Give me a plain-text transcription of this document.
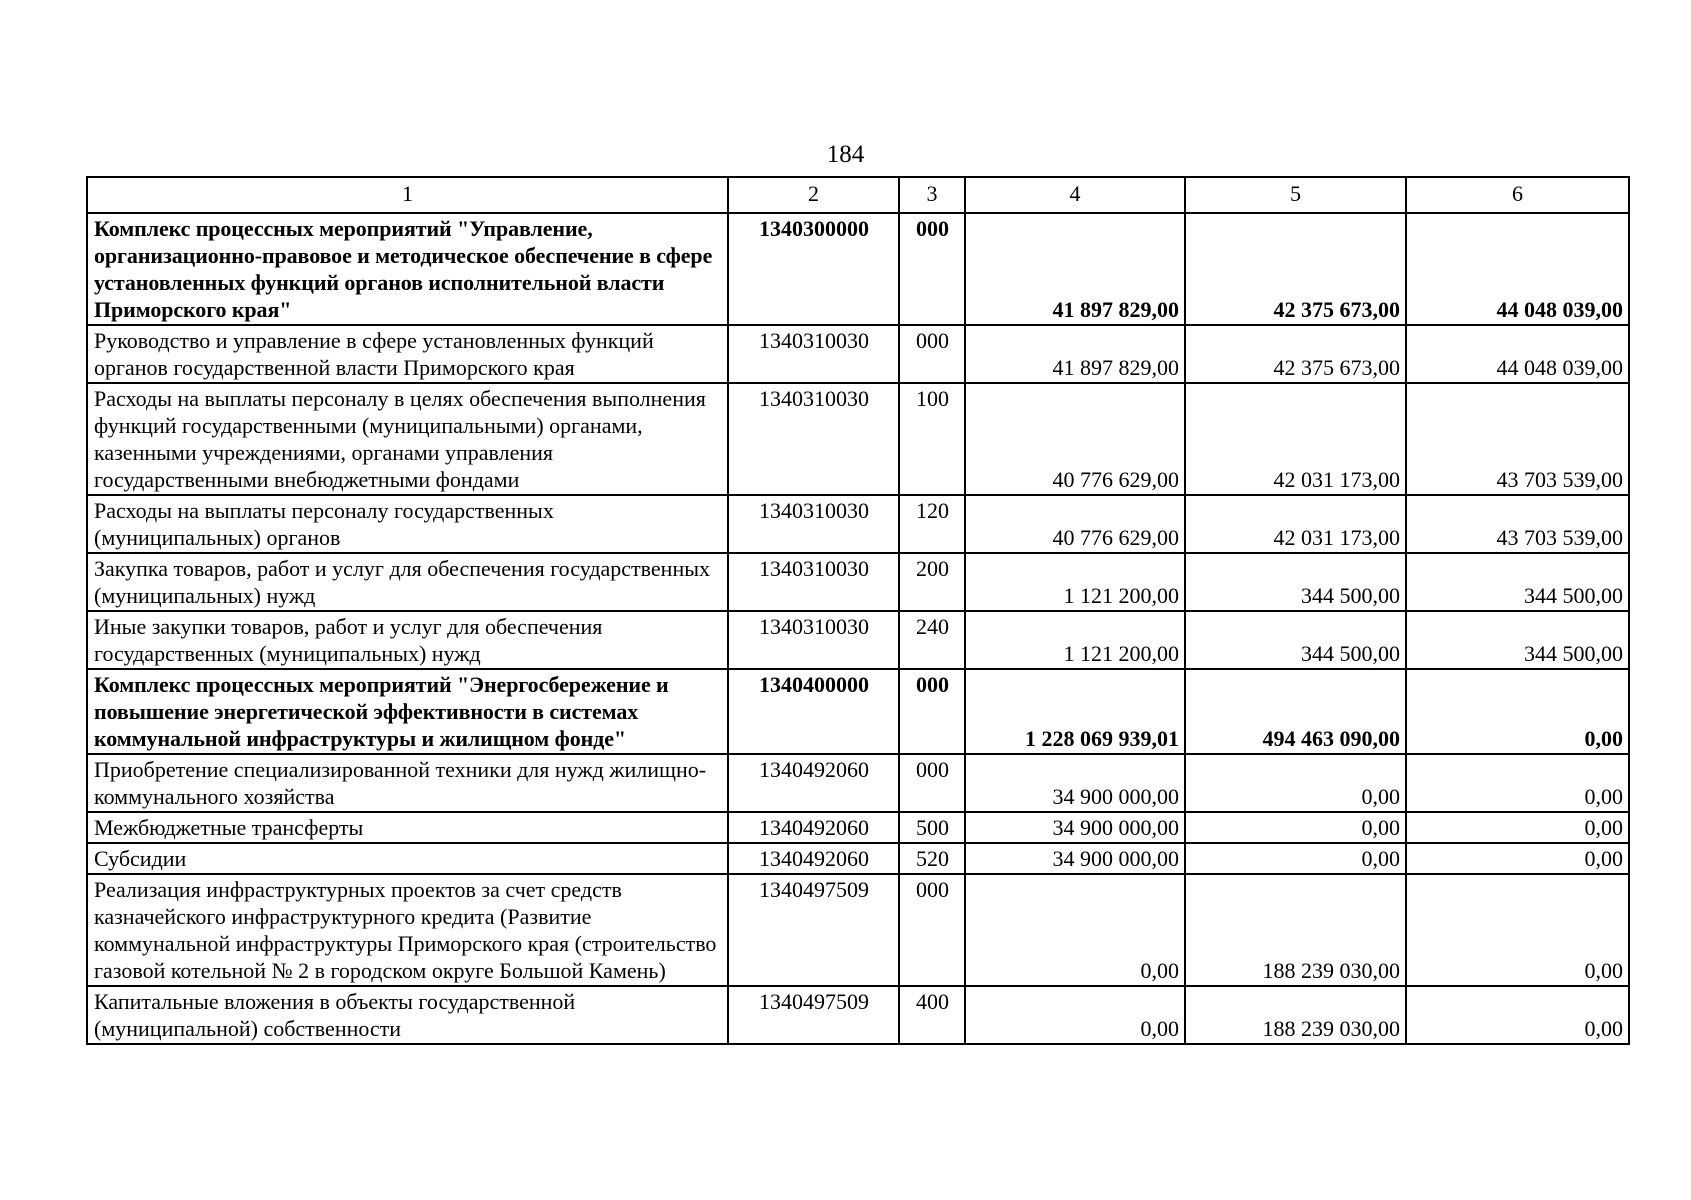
184
1	2	3	4	5	6
Комплекс процессных мероприятий "Управление, организационно-правовое и методическое обеспечение в сфере установленных функций органов исполнительной власти Приморского края"	1340300000	000	41 897 829,00	42 375 673,00	44 048 039,00
Руководство и управление в сфере установленных функций органов государственной власти Приморского края	1340310030	000	41 897 829,00	42 375 673,00	44 048 039,00
Расходы на выплаты персоналу в целях обеспечения выполнения функций государственными (муниципальными) органами, казенными учреждениями, органами управления государственными внебюджетными фондами	1340310030	100	40 776 629,00	42 031 173,00	43 703 539,00
Расходы на выплаты персоналу государственных (муниципальных) органов	1340310030	120	40 776 629,00	42 031 173,00	43 703 539,00
Закупка товаров, работ и услуг для обеспечения государственных (муниципальных) нужд	1340310030	200	1 121 200,00	344 500,00	344 500,00
Иные закупки товаров, работ и услуг для обеспечения государственных (муниципальных) нужд	1340310030	240	1 121 200,00	344 500,00	344 500,00
Комплекс процессных мероприятий "Энергосбережение и повышение энергетической эффективности в системах коммунальной инфраструктуры и жилищном фонде"	1340400000	000	1 228 069 939,01	494 463 090,00	0,00
Приобретение специализированной техники для нужд жилищно-коммунального хозяйства	1340492060	000	34 900 000,00	0,00	0,00
Межбюджетные трансферты	1340492060	500	34 900 000,00	0,00	0,00
Субсидии	1340492060	520	34 900 000,00	0,00	0,00
Реализация инфраструктурных проектов за счет средств казначейского инфраструктурного кредита (Развитие коммунальной инфраструктуры Приморского края (строительство газовой котельной № 2 в городском округе Большой Камень)	1340497509	000	0,00	188 239 030,00	0,00
Капитальные вложения в объекты государственной (муниципальной) собственности	1340497509	400	0,00	188 239 030,00	0,00
